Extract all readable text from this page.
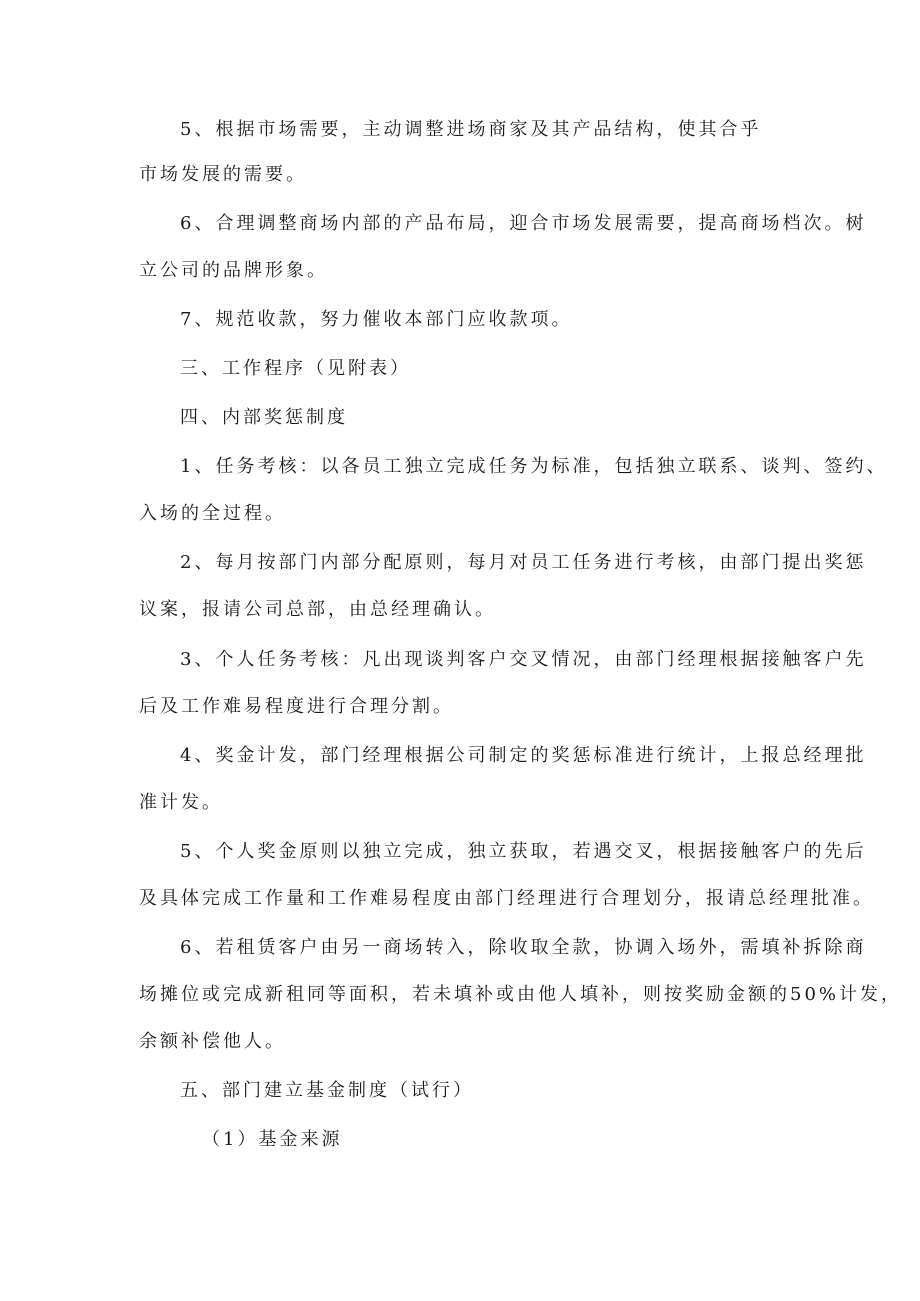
5、根据市场需要，主动调整进场商家及其产品结构，使其合乎
市场发展的需要。
6、合理调整商场内部的产品布局，迎合市场发展需要，提高商场档次。树
立公司的品牌形象。
7、规范收款，努力催收本部门应收款项。
三、工作程序（见附表）
四、内部奖惩制度
1、任务考核：以各员工独立完成任务为标准，包括独立联系、谈判、签约、
入场的全过程。
2、每月按部门内部分配原则，每月对员工任务进行考核，由部门提出奖惩
议案，报请公司总部，由总经理确认。
3、个人任务考核：凡出现谈判客户交叉情况，由部门经理根据接触客户先
后及工作难易程度进行合理分割。
4、奖金计发，部门经理根据公司制定的奖惩标准进行统计，上报总经理批
准计发。
5、个人奖金原则以独立完成，独立获取，若遇交叉，根据接触客户的先后
及具体完成工作量和工作难易程度由部门经理进行合理划分，报请总经理批准。
6、若租赁客户由另一商场转入，除收取全款，协调入场外，需填补拆除商
场摊位或完成新租同等面积，若未填补或由他人填补，则按奖励金额的50%计发，
余额补偿他人。
五、部门建立基金制度（试行）
（1）基金来源
